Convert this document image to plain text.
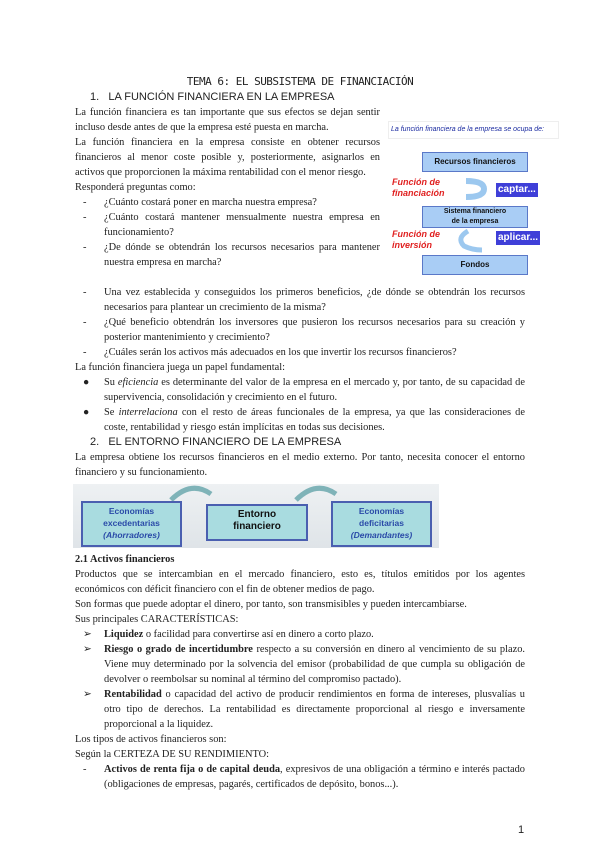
TEMA 6: EL SUBSISTEMA DE FINANCIACIÓN
1.   LA FUNCIÓN FINANCIERA EN LA EMPRESA
La función financiera de la empresa se ocupa de:
Recursos financieros
Función de
financiación	captar...
Sistema financiero
de la empresa
Función de
inversión
aplicar...
Fondos
La función financiera es tan importante que sus efectos se dejan sentir incluso desde antes de que la empresa esté puesta en marcha.
La función financiera en la empresa consiste en obtener recursos financieros al menor coste posible y, posteriormente, asignarlos en activos que proporcionen la máxima rentabilidad con el menor riesgo.
Responderá preguntas como:
- ¿Cuánto costará poner en marcha nuestra empresa?
- ¿Cuánto costará mantener mensualmente nuestra empresa en funcionamiento?
- ¿De dónde se obtendrán los recursos necesarios para mantener nuestra empresa en marcha?
- Una vez establecida y conseguidos los primeros beneficios, ¿de dónde se obtendrán los recursos necesarios para plantear un crecimiento de la misma?
- ¿Qué beneficio obtendrán los inversores que pusieron los recursos necesarios para su creación y posterior mantenimiento y crecimiento?
- ¿Cuáles serán los activos más adecuados en los que invertir los recursos financieros?
La función financiera juega un papel fundamental:
● Su eficiencia es determinante del valor de la empresa en el mercado y, por tanto, de su capacidad de supervivencia, consolidación y crecimiento en el futuro.
● Se interrelaciona con el resto de áreas funcionales de la empresa, ya que las consideraciones de coste, rentabilidad y riesgo están implícitas en todas sus decisiones.
2.   EL ENTORNO FINANCIERO DE LA EMPRESA
La empresa obtiene los recursos financieros en el medio externo. Por tanto, necesita conocer el entorno financiero y su funcionamiento.
Economías
excedentarias
(Ahorradores)
Entorno
financiero
Economías
deficitarias
(Demandantes)
2.1 Activos financieros
Productos que se intercambian en el mercado financiero, esto es, títulos emitidos por los agentes económicos con déficit financiero con el fin de obtener medios de pago.
Son formas que puede adoptar el dinero, por tanto, son transmisibles y pueden intercambiarse.
Sus principales CARACTERÍSTICAS:
➢ Liquidez o facilidad para convertirse así en dinero a corto plazo.
➢ Riesgo o grado de incertidumbre respecto a su conversión en dinero al vencimiento de su plazo. Viene muy determinado por la solvencia del emisor (probabilidad de que cumpla su obligación de devolver o reembolsar su nominal al término del compromiso pactado).
➢ Rentabilidad o capacidad del activo de producir rendimientos en forma de intereses, plusvalías u otro tipo de derechos. La rentabilidad es directamente proporcional al riesgo e inversamente proporcional a la liquidez.
Los tipos de activos financieros son:
Según la CERTEZA DE SU RENDIMIENTO:
- Activos de renta fija o de capital deuda, expresivos de una obligación a término e interés pactado (obligaciones de empresas, pagarés, certificados de depósito, bonos...).
1
